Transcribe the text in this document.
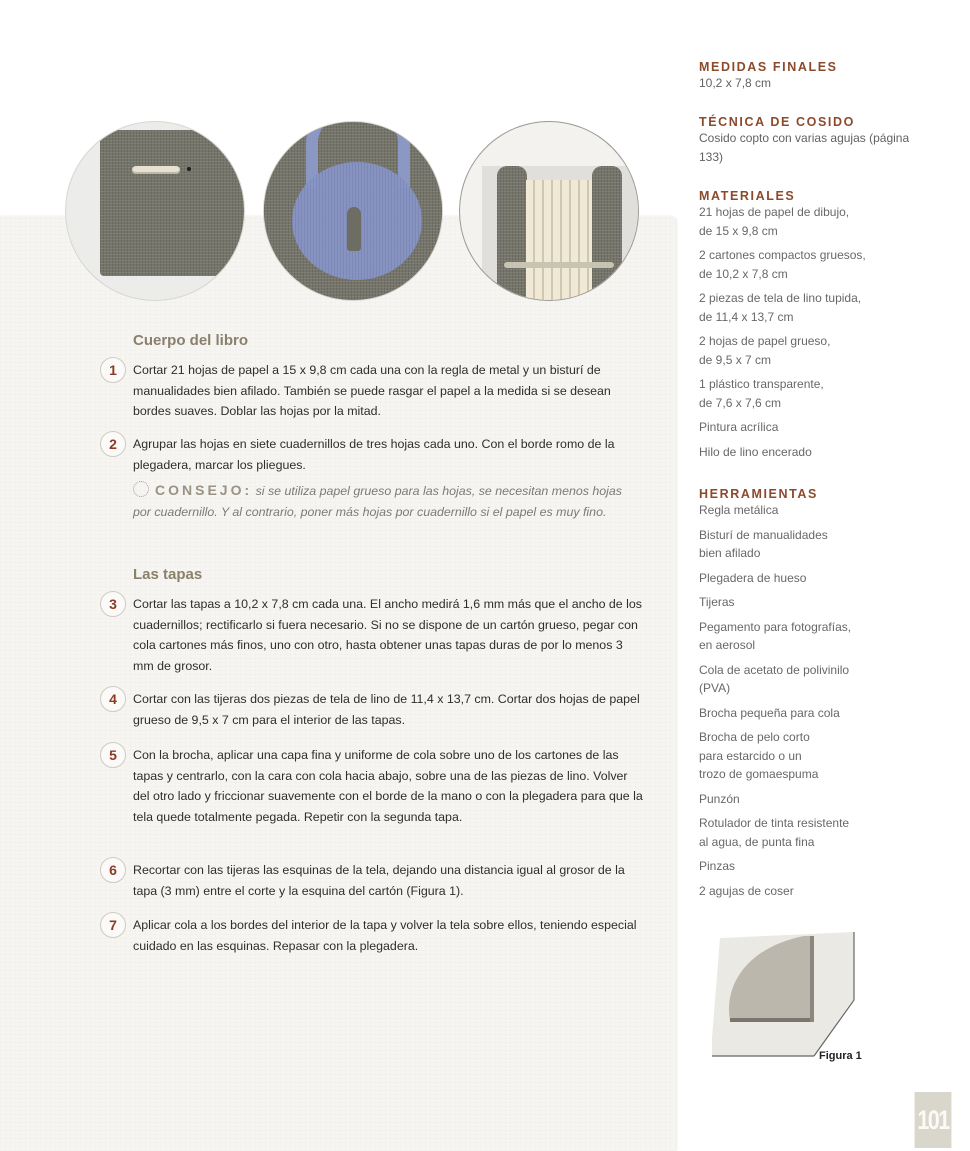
Cuerpo del libro
1	Cortar 21 hojas de papel a 15 x 9,8 cm cada una con la regla de metal y un bisturí de manualidades bien afilado. También se puede rasgar el papel a la medida si se desean bordes suaves. Doblar las hojas por la mitad.
2	Agrupar las hojas en siete cuadernillos de tres hojas cada uno. Con el borde romo de la plegadera, marcar los pliegues.
CONSEJO: si se utiliza papel grueso para las hojas, se necesitan menos hojas por cuadernillo. Y al contrario, poner más hojas por cuadernillo si el papel es muy fino.
Las tapas
3	Cortar las tapas a 10,2 x 7,8 cm cada una. El ancho medirá 1,6 mm más que el ancho de los cuadernillos; rectificarlo si fuera necesario. Si no se dispone de un cartón grueso, pegar con cola cartones más finos, uno con otro, hasta obtener unas tapas duras de por lo menos 3 mm de grosor.
4	Cortar con las tijeras dos piezas de tela de lino de 11,4 x 13,7 cm. Cortar dos hojas de papel grueso de 9,5 x 7 cm para el interior de las tapas.
5	Con la brocha, aplicar una capa fina y uniforme de cola sobre uno de los cartones de las tapas y centrarlo, con la cara con cola hacia abajo, sobre una de las piezas de lino. Volver del otro lado y friccionar suavemente con el borde de la mano o con la plegadera para que la tela quede totalmente pegada. Repetir con la segunda tapa.
6	Recortar con las tijeras las esquinas de la tela, dejando una distancia igual al grosor de la tapa (3 mm) entre el corte y la esquina del cartón (Figura 1).
7	Aplicar cola a los bordes del interior de la tapa y volver la tela sobre ellos, teniendo especial cuidado en las esquinas. Repasar con la plegadera.
MEDIDAS FINALES
10,2 x 7,8 cm
TÉCNICA DE COSIDO
Cosido copto con varias agujas (página 133)
MATERIALES
21 hojas de papel de dibujo,
de 15 x 9,8 cm
2 cartones compactos gruesos,
de 10,2 x 7,8 cm
2 piezas de tela de lino tupida,
de 11,4 x 13,7 cm
2 hojas de papel grueso,
de 9,5 x 7 cm
1 plástico transparente,
de 7,6 x 7,6 cm
Pintura acrílica
Hilo de lino encerado
HERRAMIENTAS
Regla metálica
Bisturí de manualidades
bien afilado
Plegadera de hueso
Tijeras
Pegamento para fotografías,
en aerosol
Cola de acetato de polivinilo
(PVA)
Brocha pequeña para cola
Brocha de pelo corto
para estarcido o un
trozo de gomaespuma
Punzón
Rotulador de tinta resistente
al agua, de punta fina
Pinzas
2 agujas de coser
Figura 1
101
